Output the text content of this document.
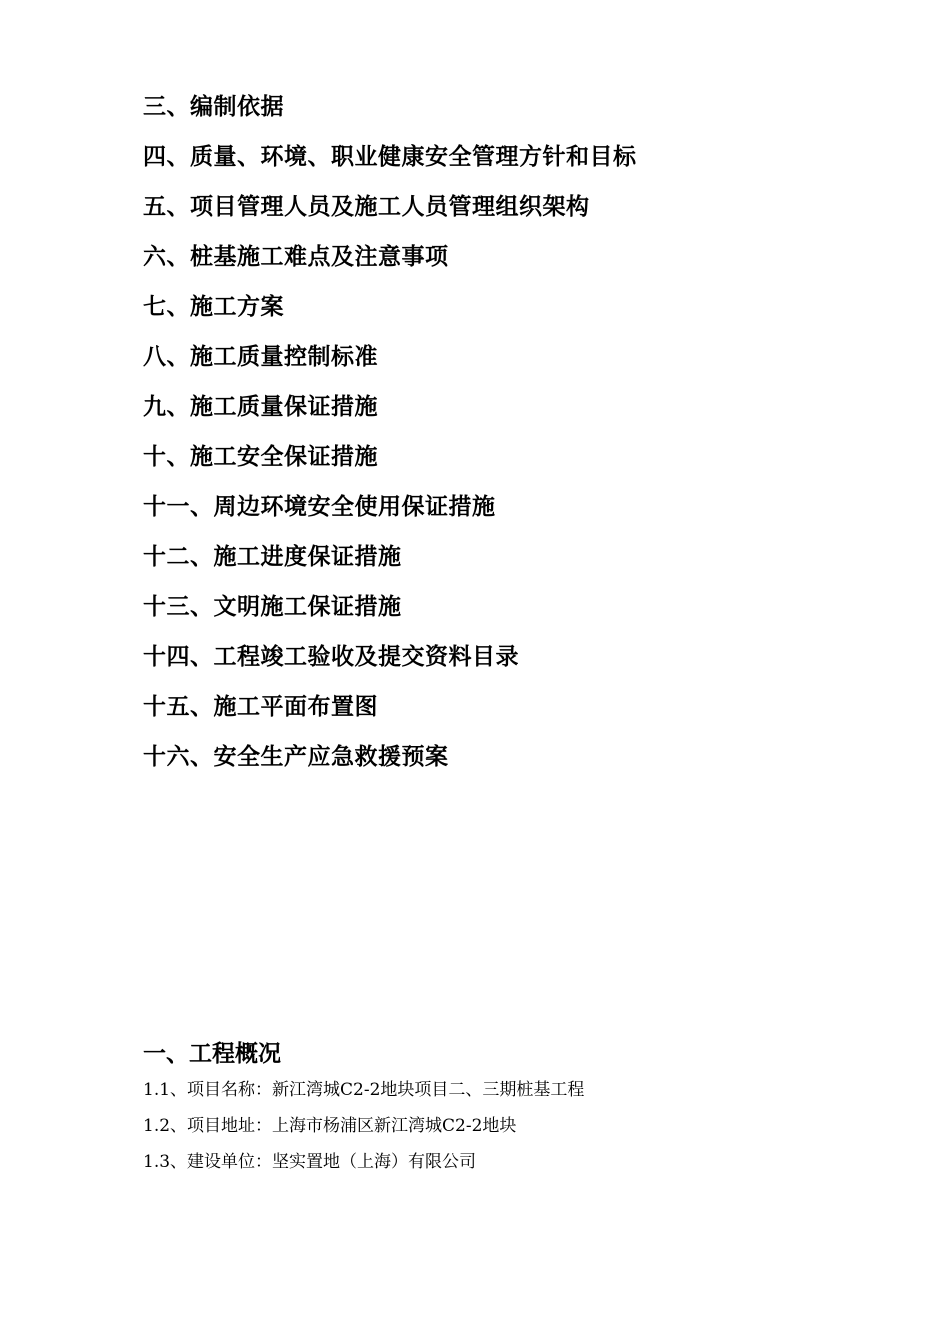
三、编制依据
四、质量、环境、职业健康安全管理方针和目标
五、项目管理人员及施工人员管理组织架构
六、桩基施工难点及注意事项
七、施工方案
八、施工质量控制标准
九、施工质量保证措施
十、施工安全保证措施
十一、周边环境安全使用保证措施
十二、施工进度保证措施
十三、文明施工保证措施
十四、工程竣工验收及提交资料目录
十五、施工平面布置图
十六、安全生产应急救援预案
一、工程概况
1.1、项目名称：新江湾城C2-2地块项目二、三期桩基工程
1.2、项目地址：上海市杨浦区新江湾城C2-2地块
1.3、建设单位：坚实置地（上海）有限公司
